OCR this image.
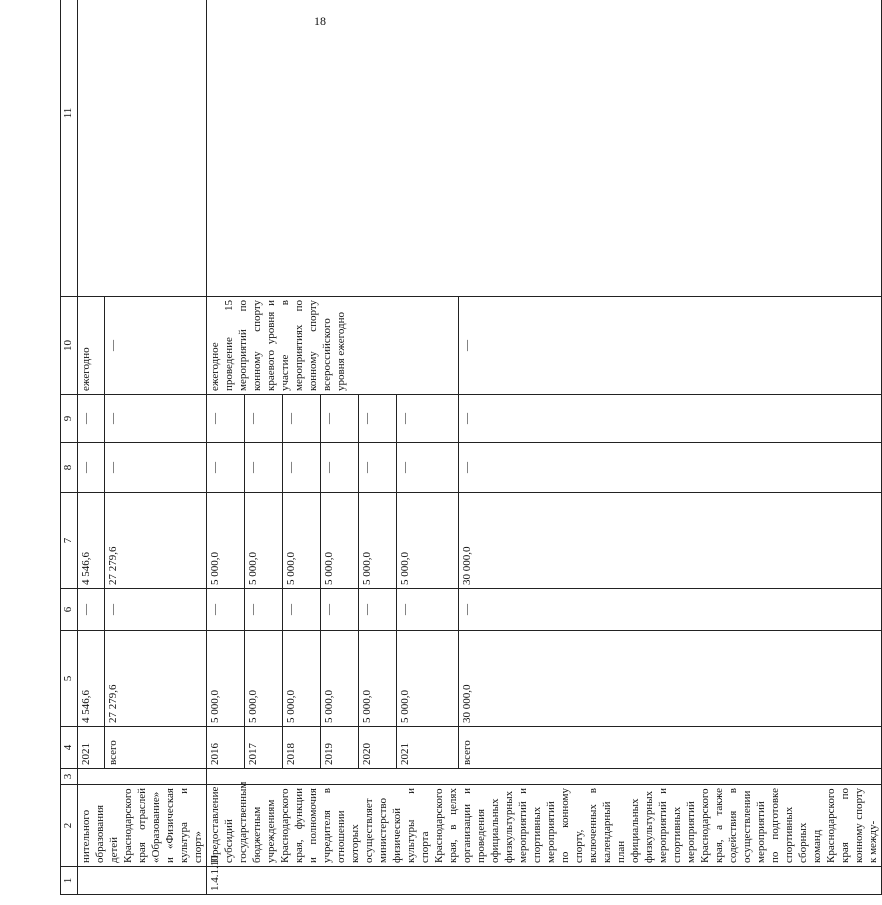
18
1	2	3	4	5	6	7	8	9	10	11
	нительного образования детей Краснодарского края отраслей «Образование» и «Физическая культура и спорт»		2021	4 546,6	—	4 546,6	—	—	ежегодно	
			всего	27 279,6	—	27 279,6	—	—	—	
1.4.1.10	Предоставление субсидий государственным бюджетным учреждениям Краснодарского края, функции и полномочия учредителя в отношении которых осуществляет министерство физической культуры и спорта Краснодарского края, в целях организации и проведения официальных физкультурных мероприятий и спортивных мероприятий по конному спорту, включенных в календарный план официальных физкультурных мероприятий и спортивных мероприятий Краснодарского края, а также содействия в осуществлении мероприятий по подготовке спортивных сборных команд Краснодарского края по конному спорту к между-		2016	5 000,0	—	5 000,0	—	—	ежегодное проведение 15 мероприятий по конному спорту краевого уровня и участие в мероприятиях по конному спорту всероссийского уровня ежегодно	
			2017	5 000,0	—	5 000,0	—	—		
			2018	5 000,0	—	5 000,0	—	—		
			2019	5 000,0	—	5 000,0	—	—		
			2020	5 000,0	—	5 000,0	—	—		
			2021	5 000,0	—	5 000,0	—	—		
			всего	30 000,0	—	30 000,0	—	—	—	
